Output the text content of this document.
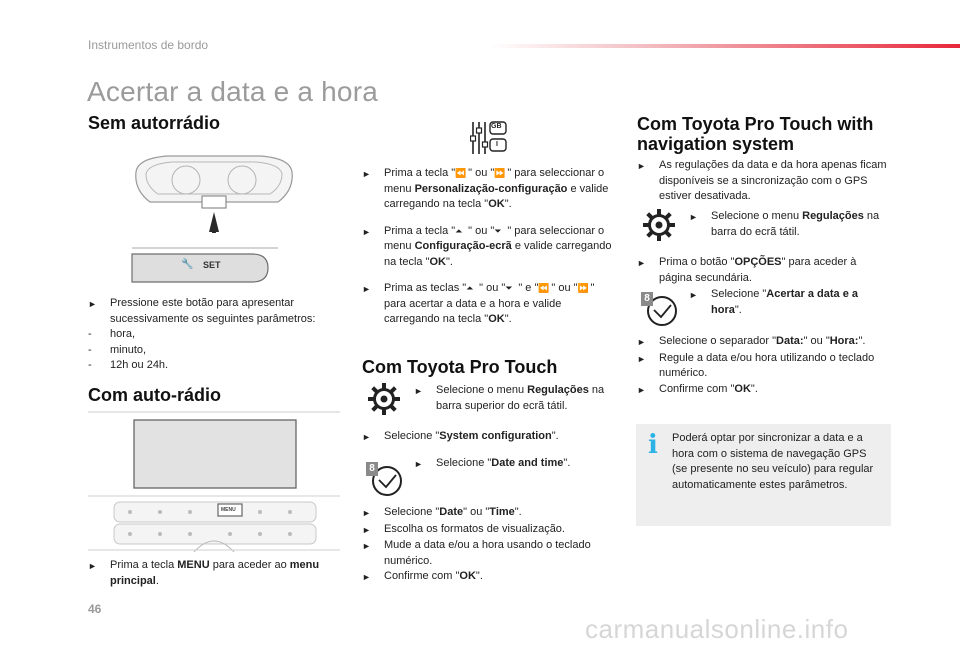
Instrumentos de bordo
Acertar a data e a hora
Sem autorrádio
🔧 SET
►	Pressione este botão para apresentar sucessivamente os seguintes parâmetros:
-	hora,
-	minuto,
-	12h ou 24h.
Com auto-rádio
MENU
►	Prima a tecla MENU para aceder ao menu principal.
GB
I
►	Prima a tecla "⏪ " ou "⏩ " para seleccionar o menu Personalização-configuração e valide carregando na tecla "OK".
►	Prima a tecla "⏶ " ou "⏷ " para seleccionar o menu Configuração-ecrã e valide carregando na tecla "OK".
►	Prima as teclas "⏶ " ou "⏷ " e "⏪ " ou "⏩ " para acertar a data e a hora e valide carregando na tecla "OK".
Com Toyota Pro Touch
►	Selecione o menu Regulações na barra superior do ecrã tátil.
►	Selecione "System configuration".
8	►	Selecione "Date and time".
►	Selecione "Date" ou "Time".
►	Escolha os formatos de visualização.
►	Mude a data e/ou a hora usando o teclado numérico.
►	Confirme com "OK".
Com Toyota Pro Touch with
navigation system
►	As regulações da data e da hora apenas ficam disponíveis se a sincronização com o GPS estiver desativada.
►	Selecione o menu Regulações na barra do ecrã tátil.
►	Prima o botão "OPÇÕES" para aceder à página secundária.
8	►	Selecione "Acertar a data e a hora".
►	Selecione o separador "Data:" ou "Hora:".
►	Regule a data e/ou hora utilizando o teclado numérico.
►	Confirme com "OK".
i Poderá optar por sincronizar a data e a hora com o sistema de navegação GPS (se presente no seu veículo) para regular automaticamente estes parâmetros.
46
carmanualsonline.info
